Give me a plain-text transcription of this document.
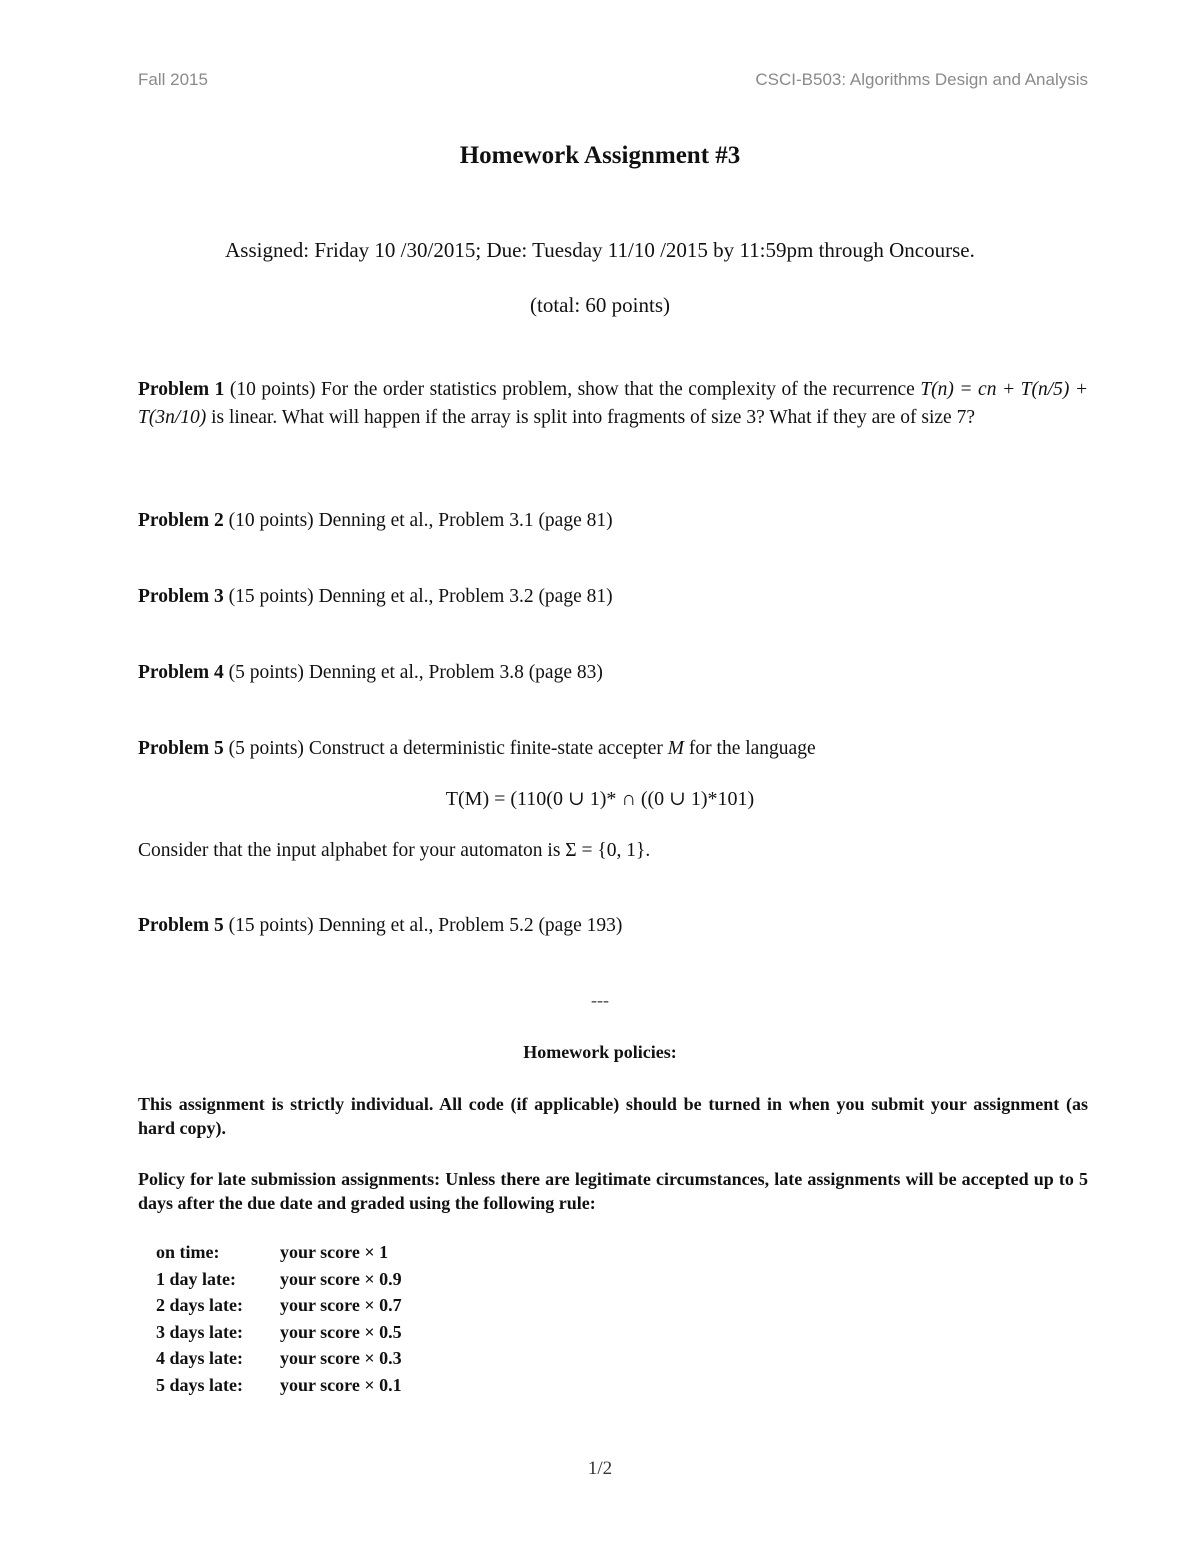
Fall 2015	CSCI-B503: Algorithms Design and Analysis
Homework Assignment #3
Assigned: Friday 10 /30/2015; Due: Tuesday 11/10 /2015 by 11:59pm through Oncourse.
(total: 60 points)
Problem 1 (10 points) For the order statistics problem, show that the complexity of the recurrence T(n) = cn + T(n/5) + T(3n/10) is linear. What will happen if the array is split into fragments of size 3? What if they are of size 7?
Problem 2 (10 points) Denning et al., Problem 3.1 (page 81)
Problem 3 (15 points) Denning et al., Problem 3.2 (page 81)
Problem 4 (5 points) Denning et al., Problem 3.8 (page 83)
Problem 5 (5 points) Construct a deterministic finite-state accepter M for the language
T(M) = (110(0 ∪ 1)* ∩ ((0 ∪ 1)*101)
Consider that the input alphabet for your automaton is Σ = {0, 1}.
Problem 5 (15 points) Denning et al., Problem 5.2 (page 193)
---
Homework policies:
This assignment is strictly individual. All code (if applicable) should be turned in when you submit your assignment (as hard copy).
Policy for late submission assignments: Unless there are legitimate circumstances, late assignments will be accepted up to 5 days after the due date and graded using the following rule:
on time:	your score × 1
1 day late:	your score × 0.9
2 days late:	your score × 0.7
3 days late:	your score × 0.5
4 days late:	your score × 0.3
5 days late:	your score × 0.1
1/2
